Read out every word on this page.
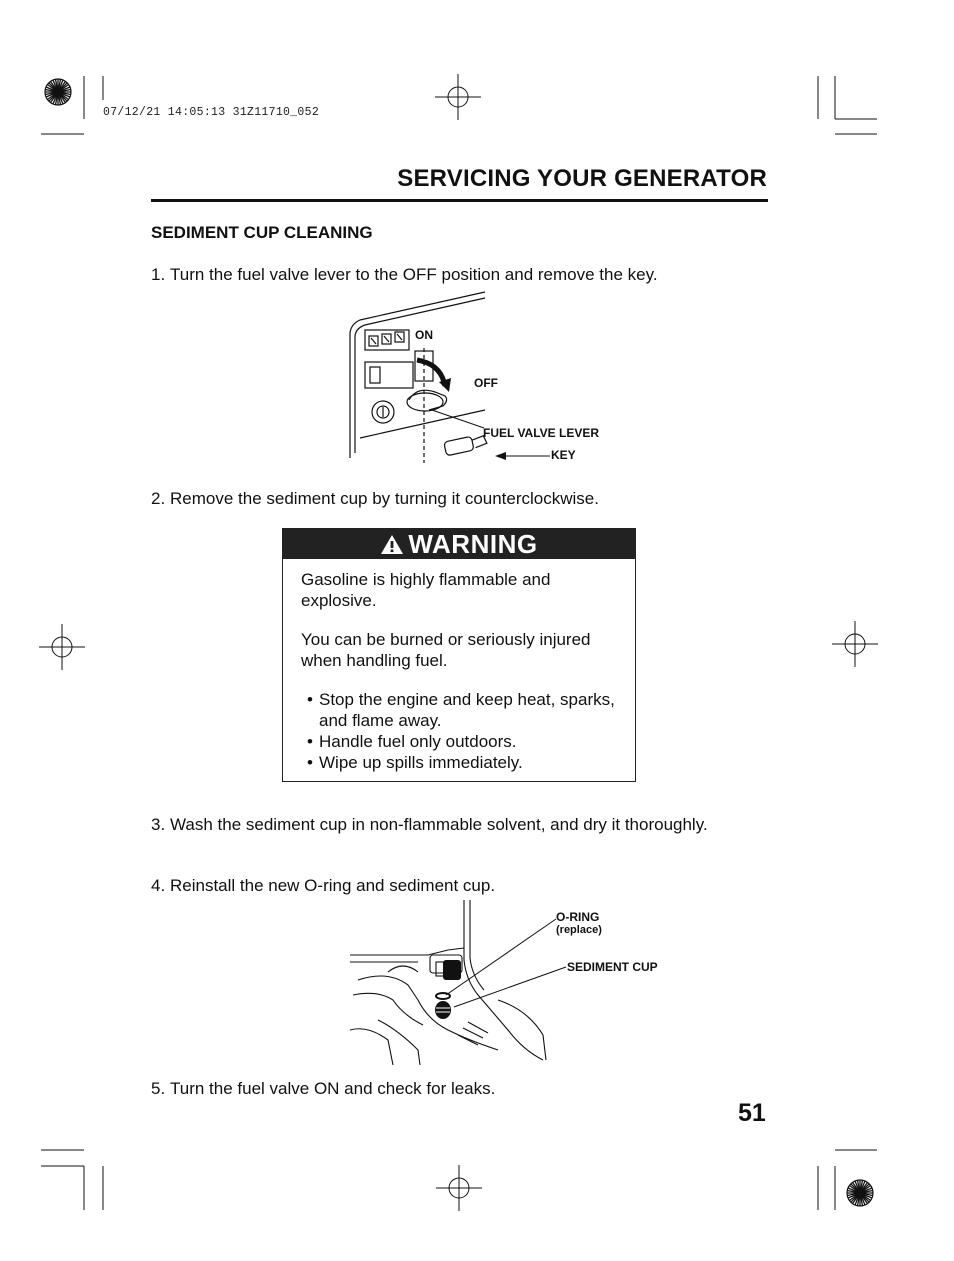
07/12/21 14:05:13 31Z11710_052
SERVICING YOUR GENERATOR
SEDIMENT CUP CLEANING
1. Turn the fuel valve lever to the OFF position and remove the key.
ON
OFF
FUEL VALVE LEVER
KEY
2. Remove the sediment cup by turning it counterclockwise.
WARNING

Gasoline is highly flammable and explosive.

You can be burned or seriously injured when handling fuel.

• Stop the engine and keep heat, sparks, and flame away.
• Handle fuel only outdoors.
• Wipe up spills immediately.
3. Wash the sediment cup in non-flammable solvent, and dry it thoroughly.
4. Reinstall the new O-ring and sediment cup.
O-RING
(replace)
SEDIMENT CUP
5. Turn the fuel valve ON and check for leaks.
51
